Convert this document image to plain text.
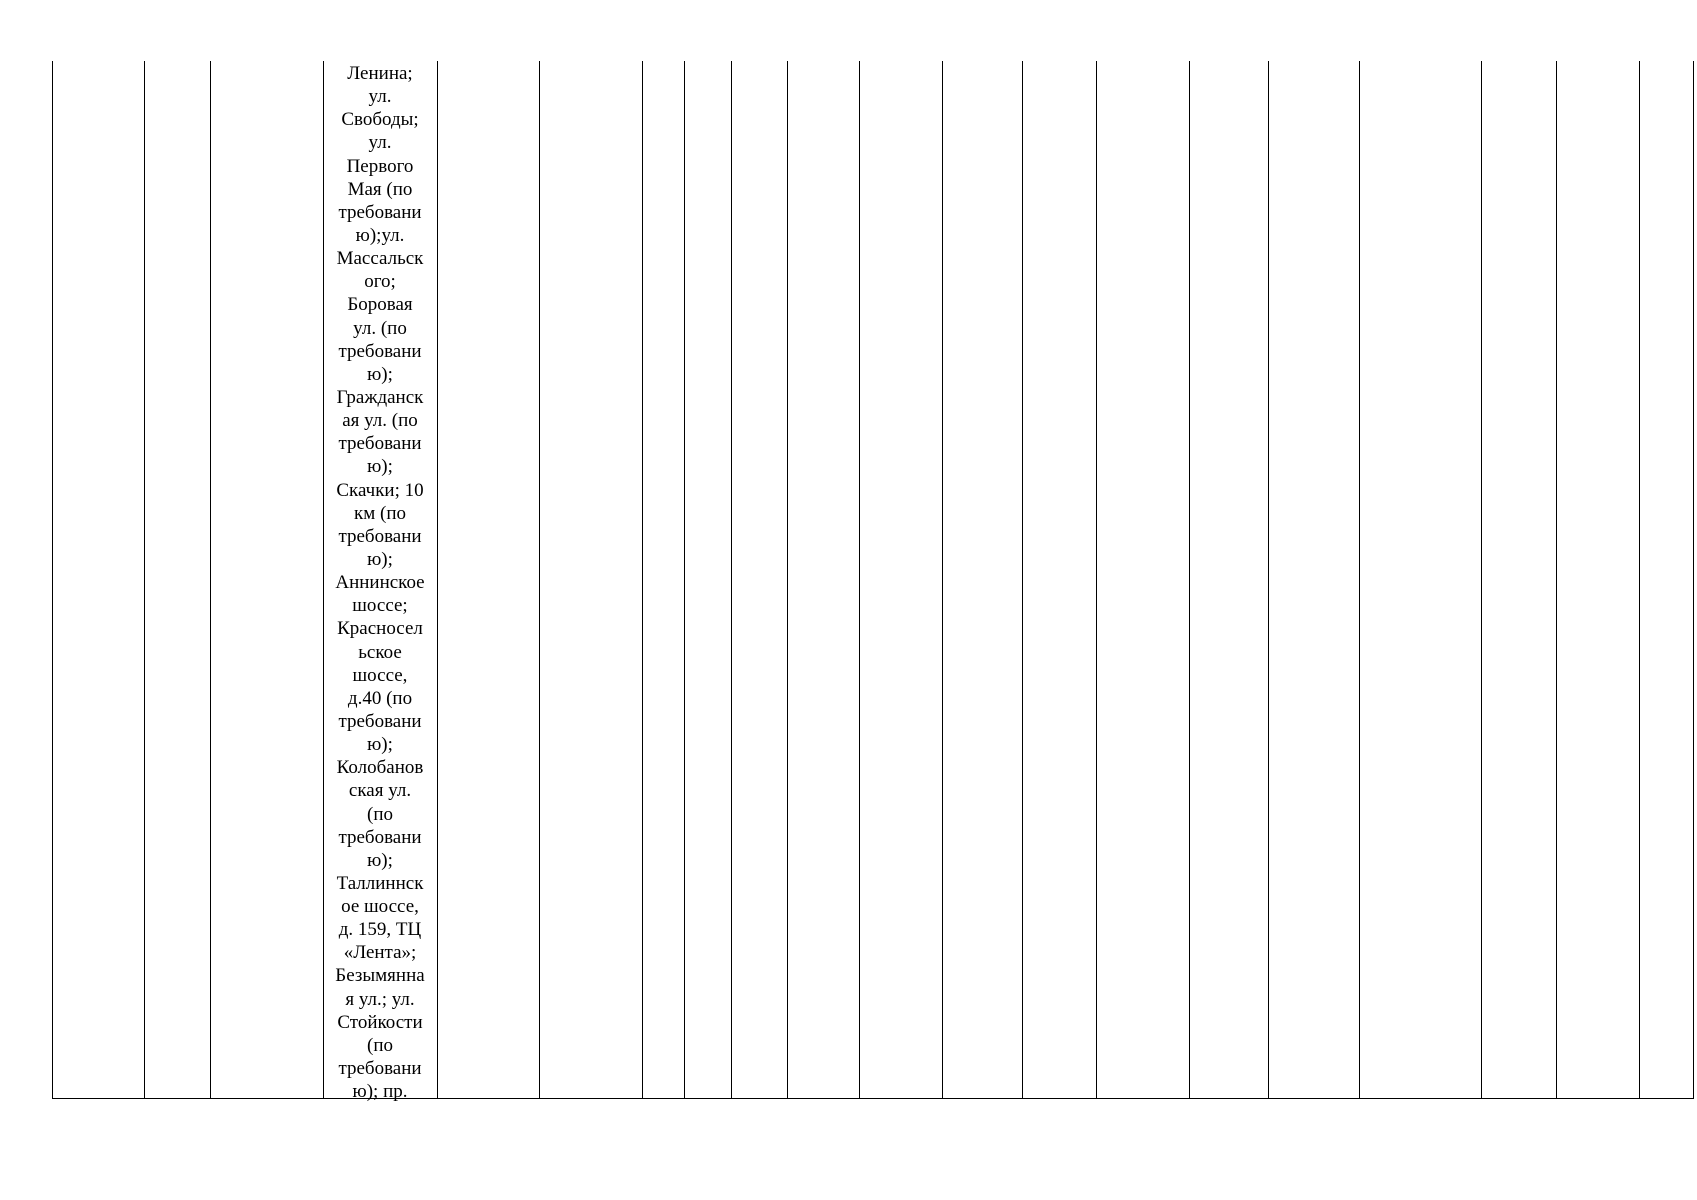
Ленина;
ул.
Свободы;
ул.
Первого
Мая (по
требовани
ю);ул.
Массальск
ого;
Боровая
ул. (по
требовани
ю);
Гражданск
ая ул. (по
требовани
ю);
Скачки; 10
км (по
требовани
ю);
Аннинское
шоссе;
Красносел
ьское
шоссе,
д.40 (по
требовани
ю);
Колобанов
ская ул.
(по
требовани
ю);
Таллиннск
ое шоссе,
д. 159, ТЦ
«Лента»;
Безымянна
я ул.; ул.
Стойкости
(по
требовани
ю); пр.
